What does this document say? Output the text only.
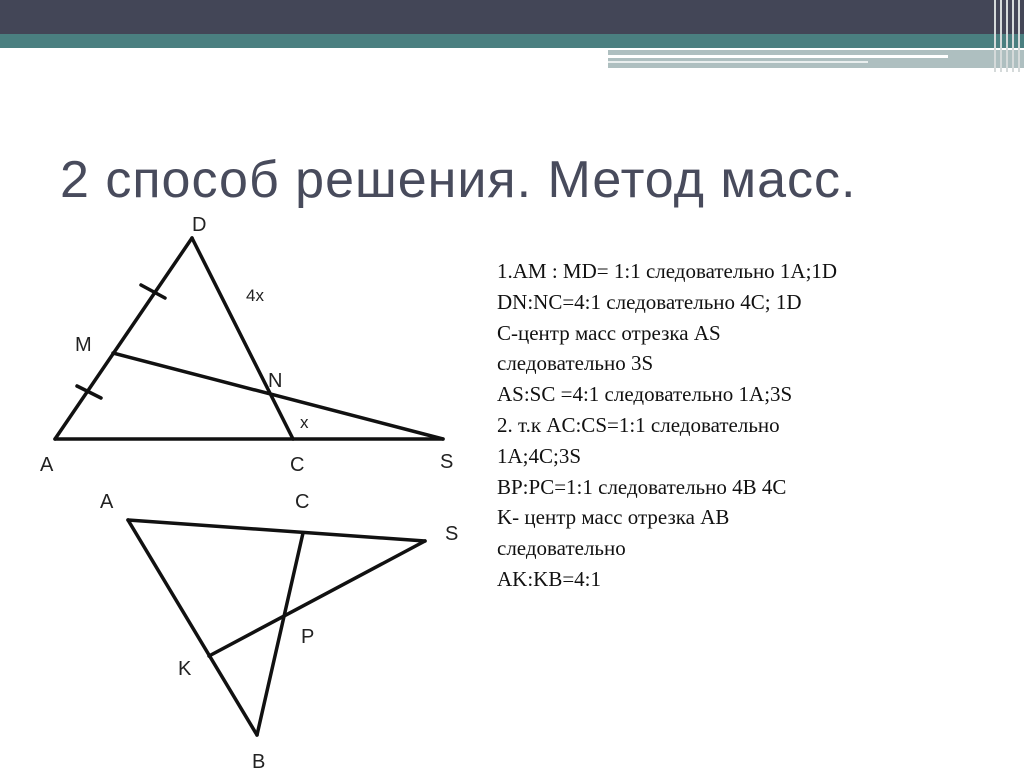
2 способ решения. Метод масс.
D
M
N
A	C	S
4x
x
A	C
S
P
K
B
1.AM : MD= 1:1 следовательно 1A;1D
DN:NC=4:1 следовательно 4C; 1D
C-центр масс отрезка AS
следовательно 3S
AS:SC =4:1 следовательно 1A;3S
2. т.к AC:CS=1:1 следовательно
1A;4C;3S
BP:PC=1:1 следовательно 4B 4C
K- центр масс отрезка AB
следовательно
AK:KB=4:1
